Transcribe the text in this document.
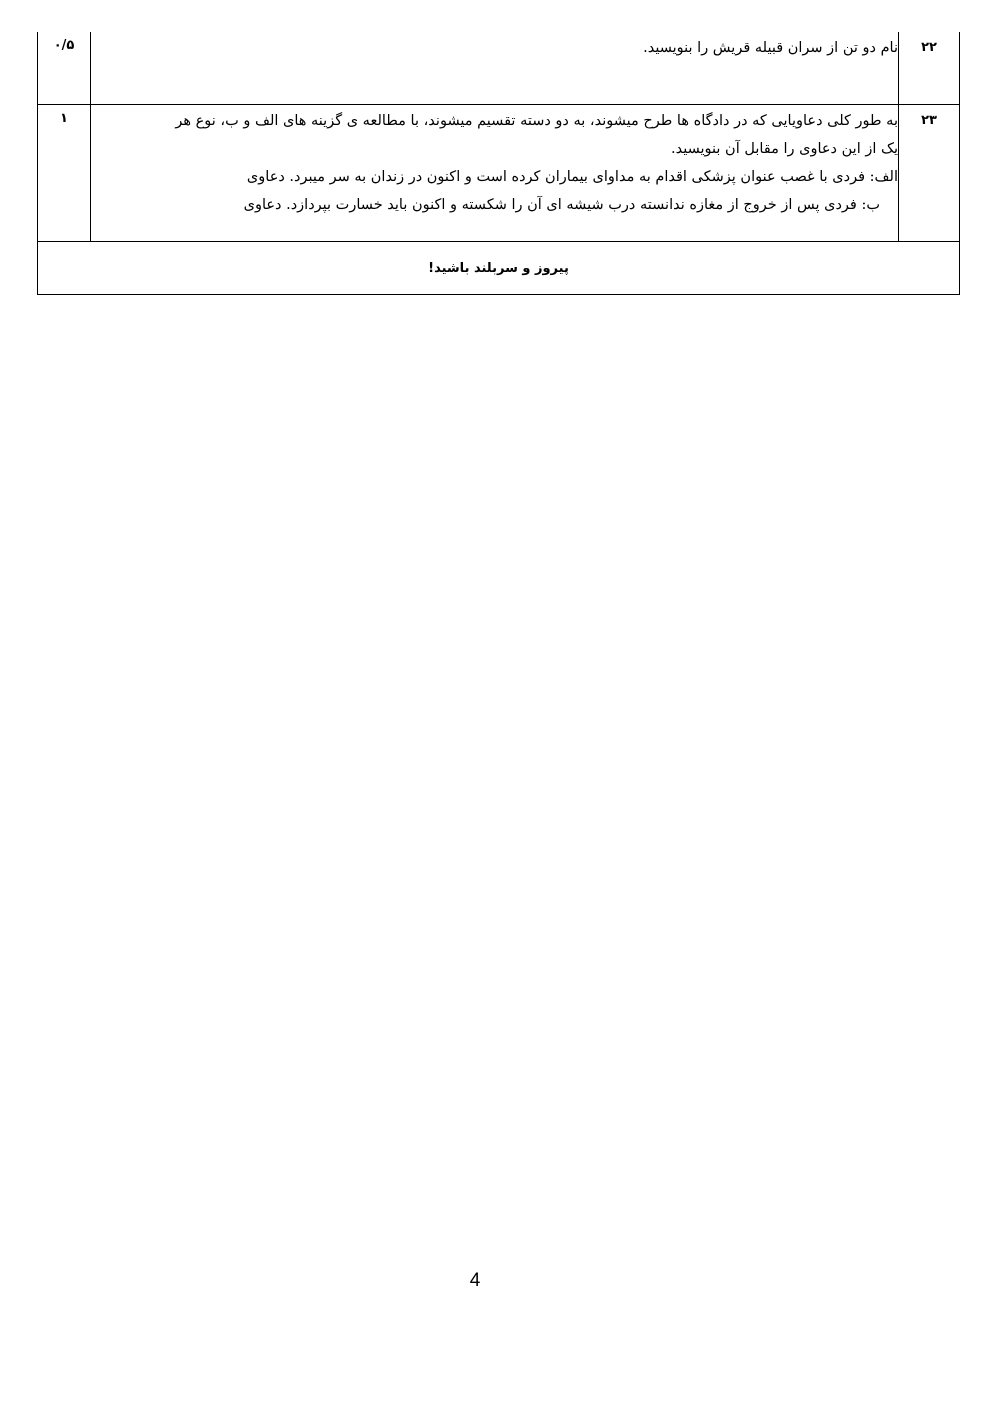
۲۲	نام دو تن از سران قبیله قریش را بنویسید.	۰/۵
۲۳	به طور کلی دعاویایی که در دادگاه ها طرح میشوند، به دو دسته تقسیم میشوند، با مطالعه ی گزینه های الف و ب، نوع هر
یک از این دعاوی را مقابل آن بنویسید.
الف: فردی با غصب عنوان پزشکی اقدام به مداوای بیماران کرده است و اکنون در زندان به سر میبرد. دعاوی
ب: فردی پس از خروج از مغازه ندانسته درب شیشه ای آن را شکسته و اکنون باید خسارت بپردازد. دعاوی	۱
پیروز و سربلند باشید!		
4
